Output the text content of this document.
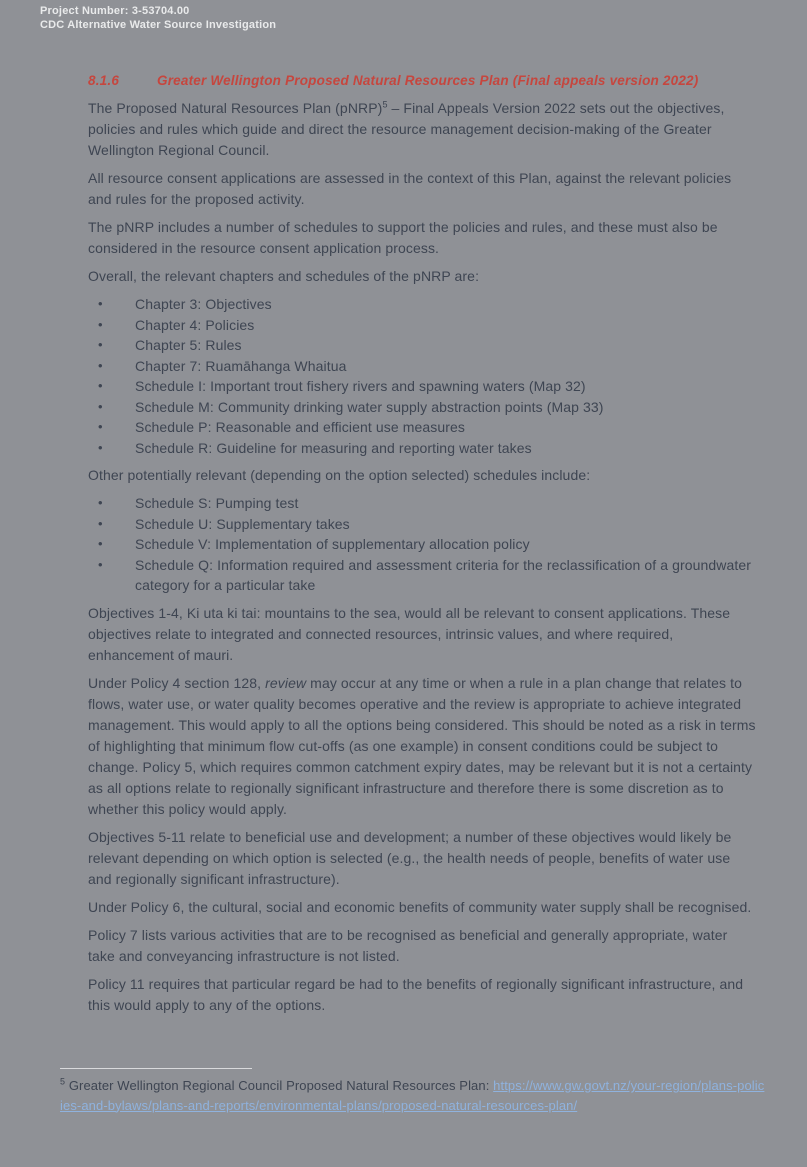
Project Number: 3-53704.00
CDC Alternative Water Source Investigation
8.1.6	Greater Wellington Proposed Natural Resources Plan (Final appeals version 2022)

The Proposed Natural Resources Plan (pNRP)$^5$ – Final Appeals Version 2022 sets out the objectives, policies and rules which guide and direct the resource management decision-making of the Greater Wellington Regional Council.

All resource consent applications are assessed in the context of this Plan, against the relevant policies and rules for the proposed activity.

The pNRP includes a number of schedules to support the policies and rules, and these must also be considered in the resource consent application process.

Overall, the relevant chapters and schedules of the pNRP are:

• Chapter 3: Objectives
• Chapter 4: Policies
• Chapter 5: Rules
• Chapter 7: Ruamāhanga Whaitua
• Schedule I: Important trout fishery rivers and spawning waters (Map 32)
• Schedule M: Community drinking water supply abstraction points (Map 33)
• Schedule P: Reasonable and efficient use measures
• Schedule R: Guideline for measuring and reporting water takes

Other potentially relevant (depending on the option selected) schedules include:

• Schedule S: Pumping test
• Schedule U: Supplementary takes
• Schedule V: Implementation of supplementary allocation policy
• Schedule Q: Information required and assessment criteria for the reclassification of a groundwater category for a particular take

Objectives 1-4, Ki uta ki tai: mountains to the sea, would all be relevant to consent applications. These objectives relate to integrated and connected resources, intrinsic values, and where required, enhancement of mauri.

Under Policy 4 section 128, review may occur at any time or when a rule in a plan change that relates to flows, water use, or water quality becomes operative and the review is appropriate to achieve integrated management. This would apply to all the options being considered. This should be noted as a risk in terms of highlighting that minimum flow cut-offs (as one example) in consent conditions could be subject to change. Policy 5, which requires common catchment expiry dates, may be relevant but it is not a certainty as all options relate to regionally significant infrastructure and therefore there is some discretion as to whether this policy would apply.

Objectives 5-11 relate to beneficial use and development; a number of these objectives would likely be relevant depending on which option is selected (e.g., the health needs of people, benefits of water use and regionally significant infrastructure).

Under Policy 6, the cultural, social and economic benefits of community water supply shall be recognised.

Policy 7 lists various activities that are to be recognised as beneficial and generally appropriate, water take and conveyancing infrastructure is not listed.

Policy 11 requires that particular regard be had to the benefits of regionally significant infrastructure, and this would apply to any of the options.

$^5$ Greater Wellington Regional Council Proposed Natural Resources Plan: https://www.gw.govt.nz/your-region/plans-policies-and-bylaws/plans-and-reports/environmental-plans/proposed-natural-resources-plan/
